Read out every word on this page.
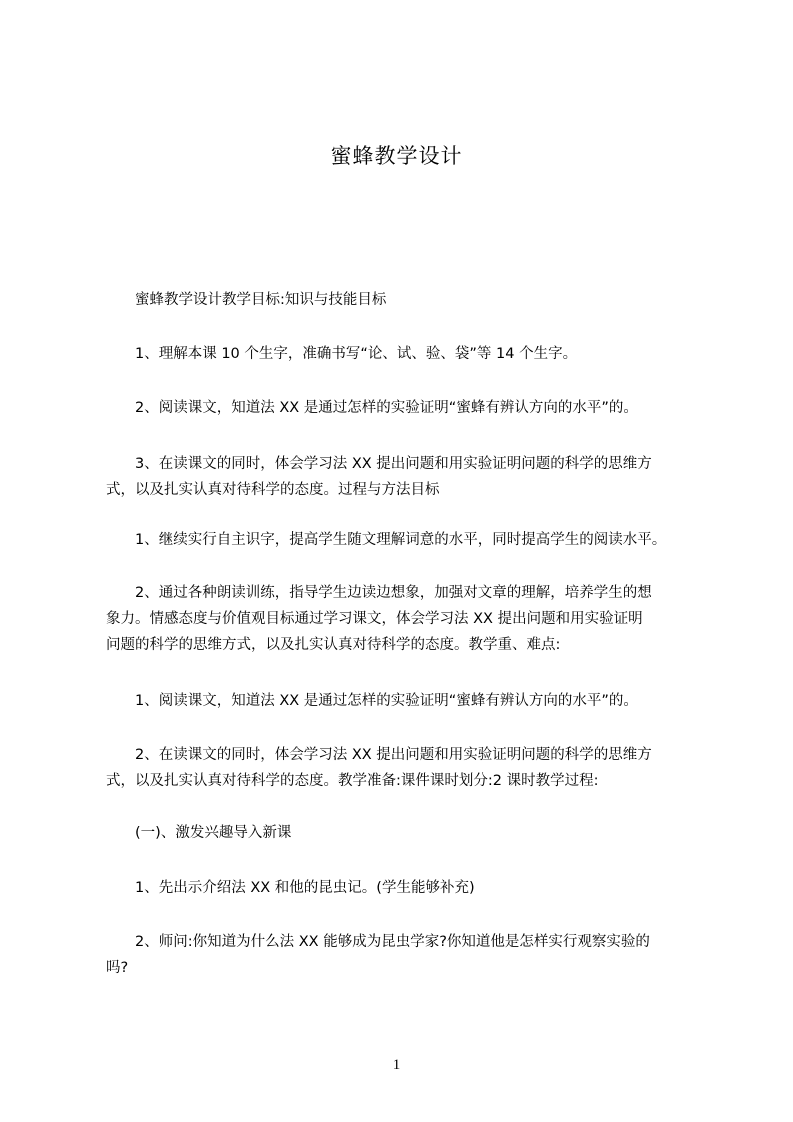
蜜蜂教学设计
　　蜜蜂教学设计教学目标:知识与技能目标
　　1、理解本课 10 个生字，准确书写“论、试、验、袋”等 14 个生字。
　　2、阅读课文，知道法 XX 是通过怎样的实验证明“蜜蜂有辨认方向的水平”的。
　　3、在读课文的同时，体会学习法 XX 提出问题和用实验证明问题的科学的思维方
式，以及扎实认真对待科学的态度。过程与方法目标
　　1、继续实行自主识字，提高学生随文理解词意的水平，同时提高学生的阅读水平。
　　2、通过各种朗读训练，指导学生边读边想象，加强对文章的理解，培养学生的想
象力。情感态度与价值观目标通过学习课文，体会学习法 XX 提出问题和用实验证明
问题的科学的思维方式，以及扎实认真对待科学的态度。教学重、难点:
　　1、阅读课文，知道法 XX 是通过怎样的实验证明“蜜蜂有辨认方向的水平”的。
　　2、在读课文的同时，体会学习法 XX 提出问题和用实验证明问题的科学的思维方
式，以及扎实认真对待科学的态度。教学准备:课件课时划分:2 课时教学过程:
　　(一)、激发兴趣导入新课
　　1、先出示介绍法 XX 和他的昆虫记。(学生能够补充)
　　2、师问:你知道为什么法 XX 能够成为昆虫学家?你知道他是怎样实行观察实验的
吗?
1
